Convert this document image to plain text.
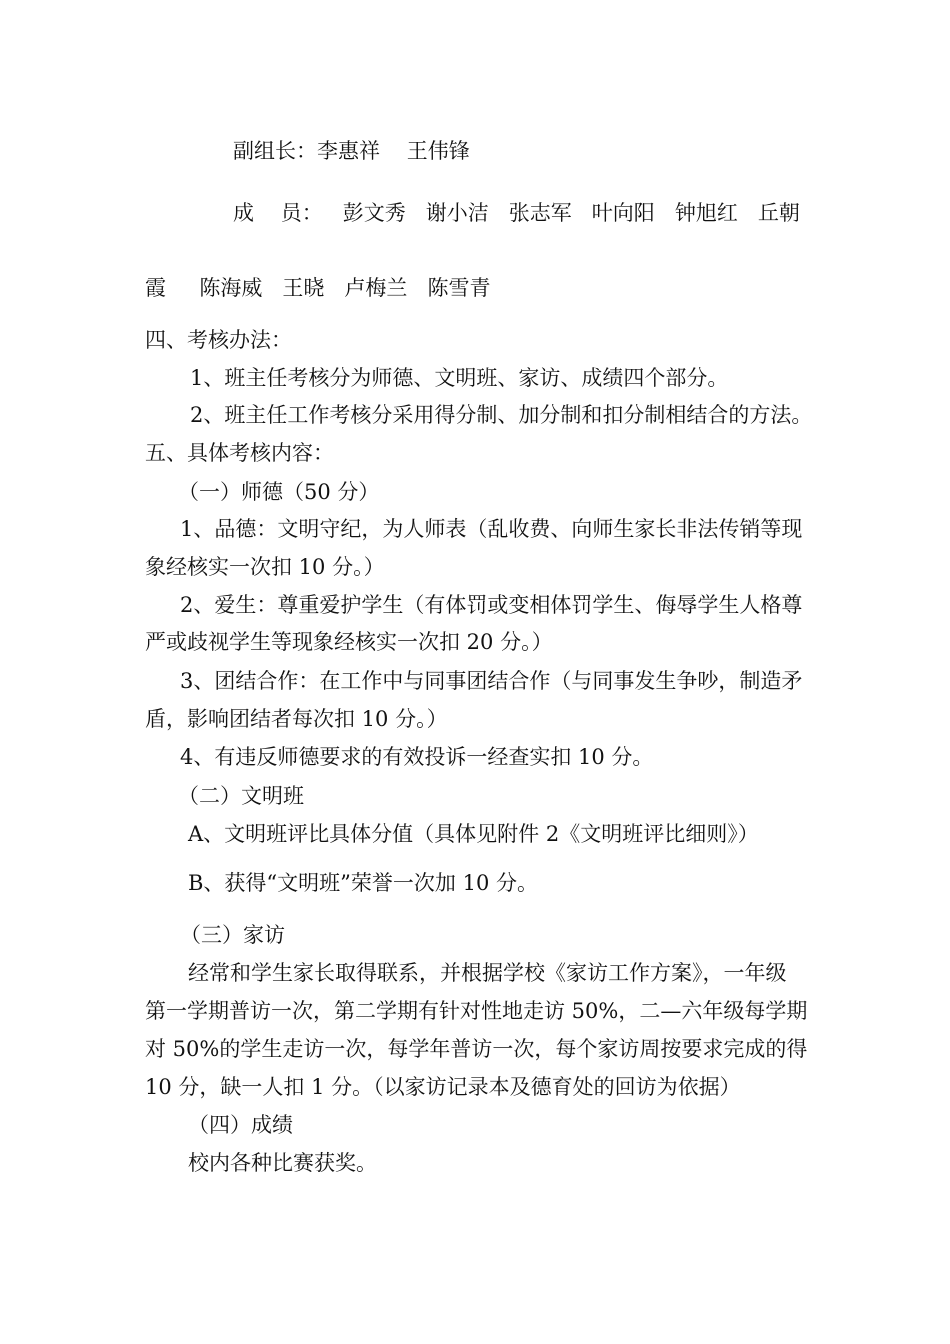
副组长：李惠祥    王伟锋

成    员：   彭文秀   谢小洁   张志军   叶向阳   钟旭红   丘朝

霞     陈海威   王晓   卢梅兰   陈雪青

四、考核办法：

1、班主任考核分为师德、文明班、家访、成绩四个部分。

2、班主任工作考核分采用得分制、加分制和扣分制相结合的方法。

五、具体考核内容：

（一）师德（50 分）

1、品德：文明守纪，为人师表（乱收费、向师生家长非法传销等现

象经核实一次扣 10 分。）

2、爱生：尊重爱护学生（有体罚或变相体罚学生、侮辱学生人格尊

严或歧视学生等现象经核实一次扣 20 分。）

3、团结合作：在工作中与同事团结合作（与同事发生争吵，制造矛

盾，影响团结者每次扣 10 分。）

4、有违反师德要求的有效投诉一经查实扣 10 分。

（二）文明班

A、文明班评比具体分值（具体见附件 2《文明班评比细则》）

B、获得“文明班”荣誉一次加 10 分。

（三）家访

经常和学生家长取得联系，并根据学校《家访工作方案》，一年级

第一学期普访一次，第二学期有针对性地走访 50%，二—六年级每学期

对 50%的学生走访一次，每学年普访一次，每个家访周按要求完成的得

10 分，缺一人扣 1 分。（以家访记录本及德育处的回访为依据）

（四）成绩

校内各种比赛获奖。
